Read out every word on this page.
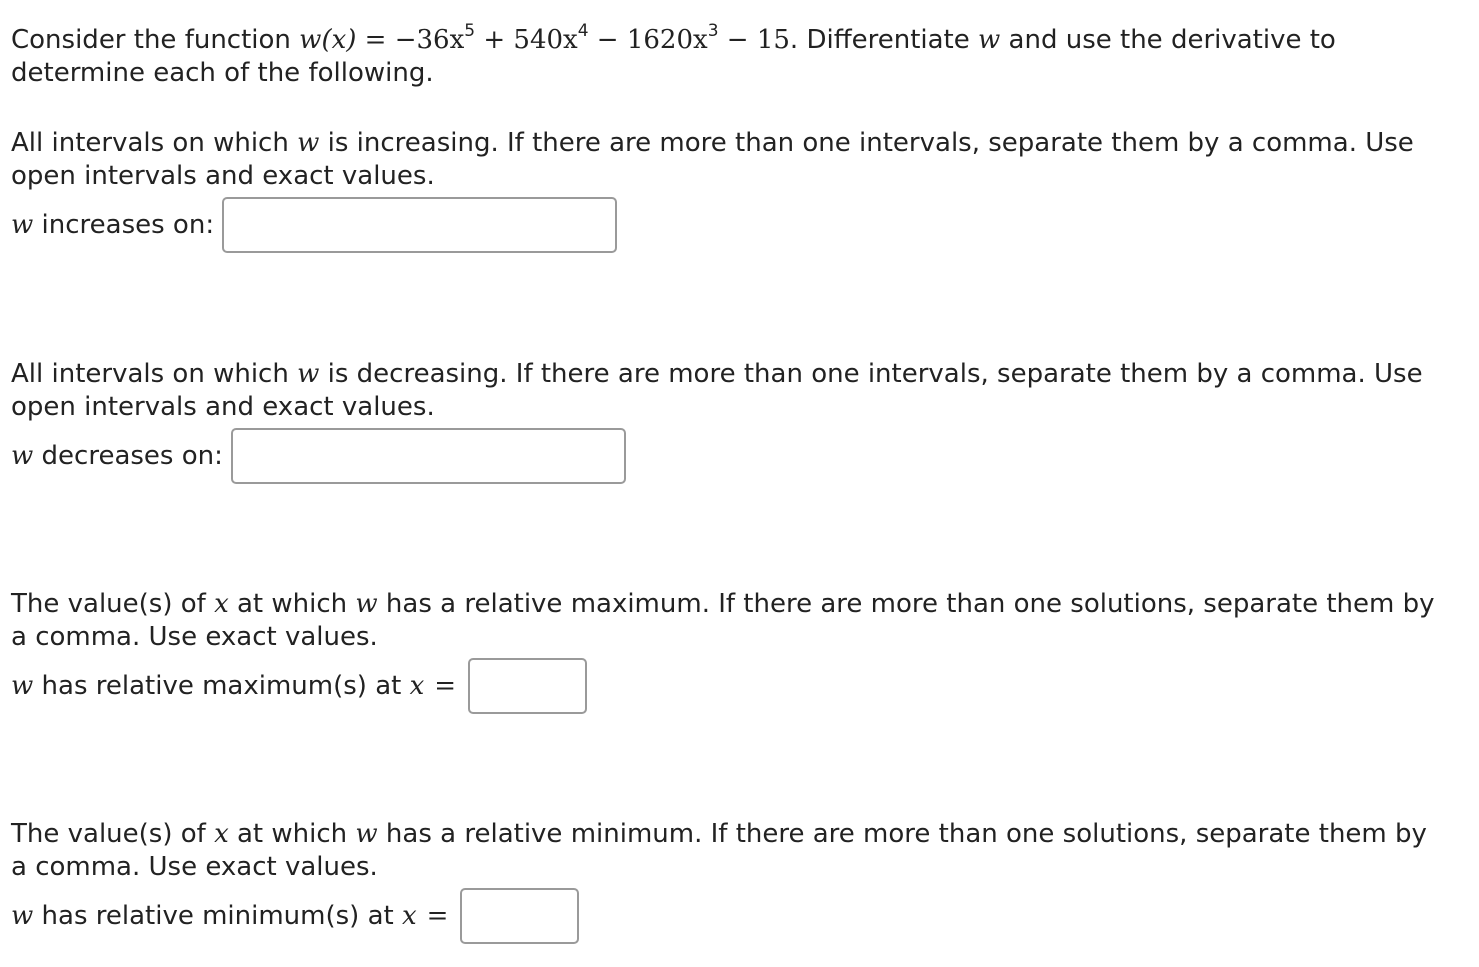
Consider the function $w(x) = -36x^5 + 540x^4 - 1620x^3 - 15$. Differentiate w and use the derivative to determine each of the following.

All intervals on which w is increasing. If there are more than one intervals, separate them by a comma. Use open intervals and exact values.

w increases on:

All intervals on which w is decreasing. If there are more than one intervals, separate them by a comma. Use open intervals and exact values.

w decreases on:

The value(s) of x at which w has a relative maximum. If there are more than one solutions, separate them by a comma. Use exact values.

w has relative maximum(s) at x =

The value(s) of x at which w has a relative minimum. If there are more than one solutions, separate them by a comma. Use exact values.

w has relative minimum(s) at x =
